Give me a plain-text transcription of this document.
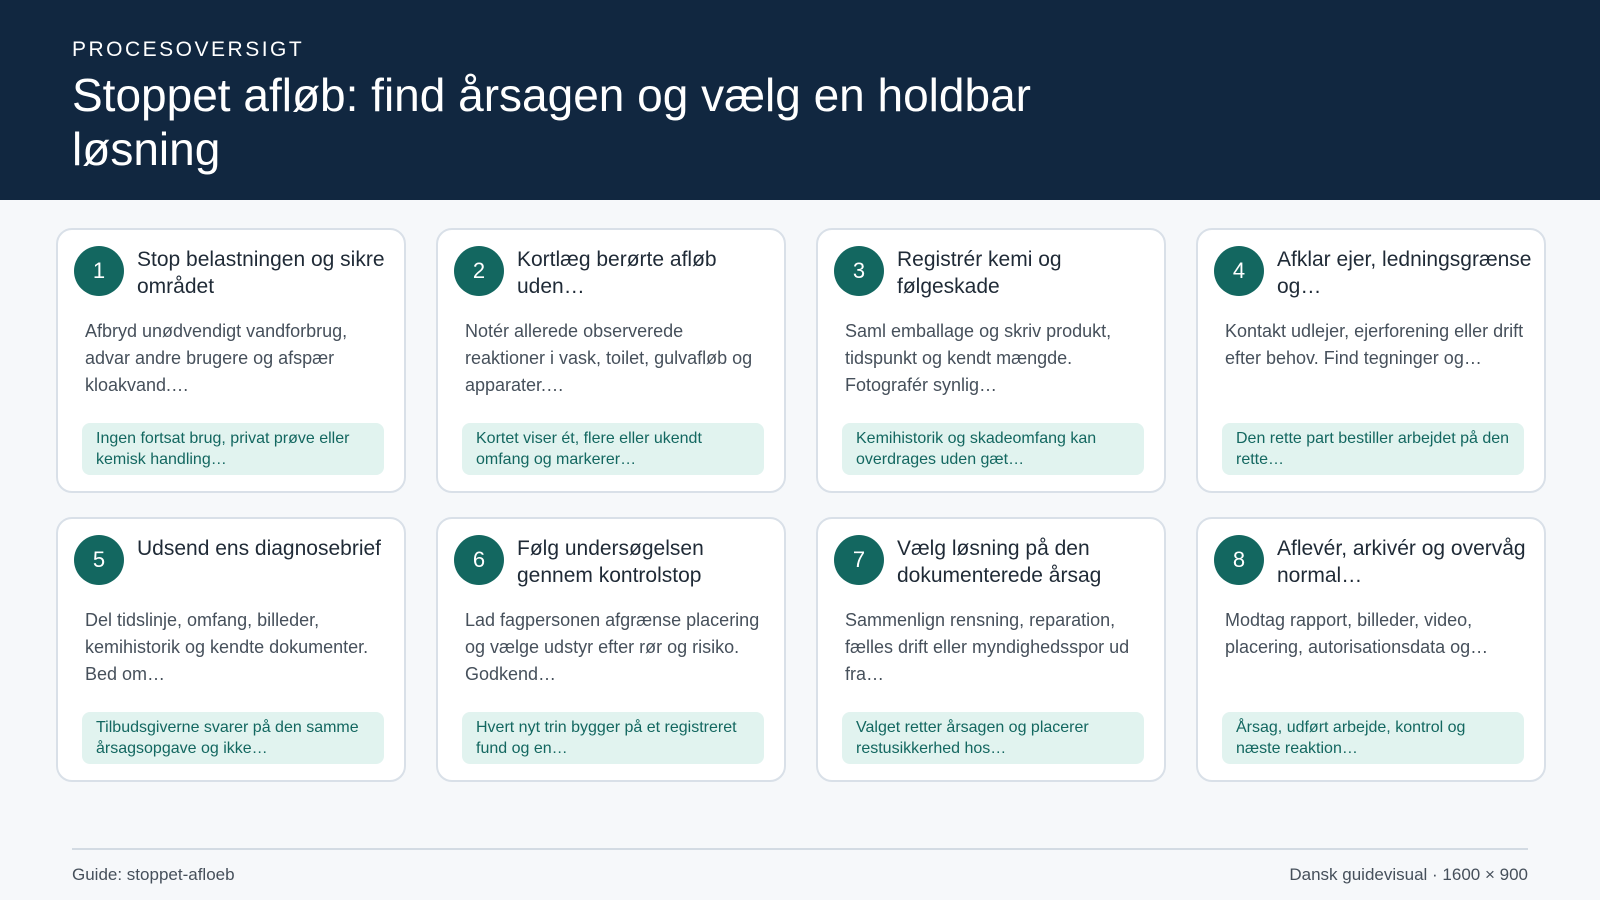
PROCESOVERSIGT
Stoppet afløb: find årsagen og vælg en holdbar løsning
1	Stop belastningen og sikre området
Afbryd unødvendigt vandforbrug, advar andre brugere og afspær kloakvand.…
Ingen fortsat brug, privat prøve eller kemisk handling…
2	Kortlæg berørte afløb uden…
Notér allerede observerede reaktioner i vask, toilet, gulvafløb og apparater.…
Kortet viser ét, flere eller ukendt omfang og markerer…
3	Registrér kemi og følgeskade
Saml emballage og skriv produkt, tidspunkt og kendt mængde. Fotografér synlig…
Kemihistorik og skadeomfang kan overdrages uden gæt…
4	Afklar ejer, ledningsgrænse og…
Kontakt udlejer, ejerforening eller drift efter behov. Find tegninger og…
Den rette part bestiller arbejdet på den rette…
5	Udsend ens diagnosebrief
Del tidslinje, omfang, billeder, kemihistorik og kendte dokumenter. Bed om…
Tilbudsgiverne svarer på den samme årsagsopgave og ikke…
6	Følg undersøgelsen gennem kontrolstop
Lad fagpersonen afgrænse placering og vælge udstyr efter rør og risiko. Godkend…
Hvert nyt trin bygger på et registreret fund og en…
7	Vælg løsning på den dokumenterede årsag
Sammenlign rensning, reparation, fælles drift eller myndighedsspor ud fra…
Valget retter årsagen og placerer restusikkerhed hos…
8	Aflevér, arkivér og overvåg normal…
Modtag rapport, billeder, video, placering, autorisationsdata og…
Årsag, udført arbejde, kontrol og næste reaktion…
Guide: stoppet-afloeb	Dansk guidevisual · 1600 × 900
